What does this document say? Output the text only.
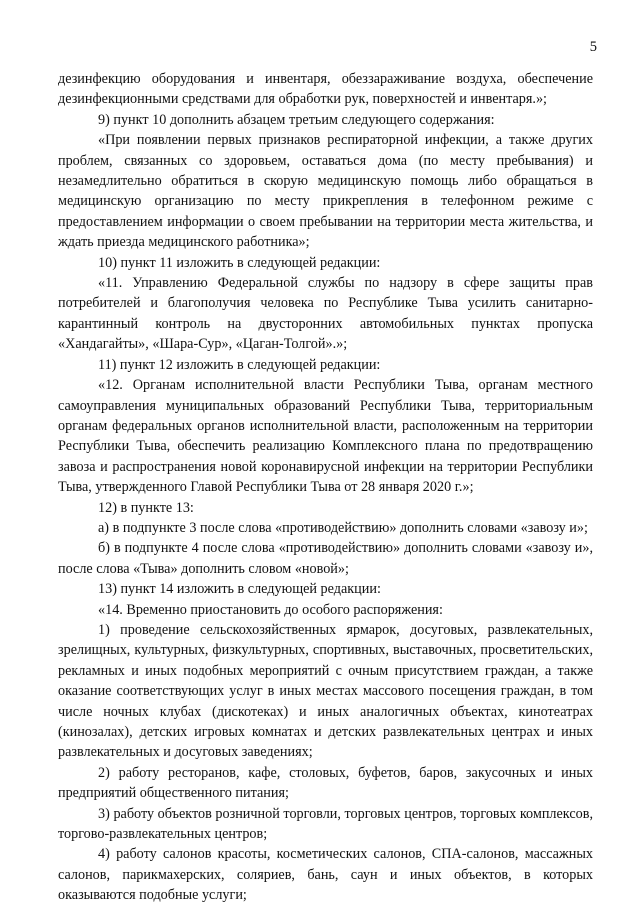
5

дезинфекцию оборудования и инвентаря, обеззараживание воздуха, обеспечение дезинфекционными средствами для обработки рук, поверхностей и инвентаря.»;

9) пункт 10 дополнить абзацем третьим следующего содержания:

«При появлении первых признаков респираторной инфекции, а также других проблем, связанных со здоровьем, оставаться дома (по месту пребывания) и незамедлительно обратиться в скорую медицинскую помощь либо обращаться в медицинскую организацию по месту прикрепления в телефонном режиме с предоставлением информации о своем пребывании на территории места жительства, и ждать приезда медицинского работника»;

10) пункт 11 изложить в следующей редакции:

«11. Управлению Федеральной службы по надзору в сфере защиты прав потребителей и благополучия человека по Республике Тыва усилить санитарно-карантинный контроль на двусторонних автомобильных пунктах пропуска «Хандагайты», «Шара-Сур», «Цаган-Толгой».»;

11) пункт 12 изложить в следующей редакции:

«12. Органам исполнительной власти Республики Тыва, органам местного самоуправления муниципальных образований Республики Тыва, территориальным органам федеральных органов исполнительной власти, расположенным на территории Республики Тыва, обеспечить реализацию Комплексного плана по предотвращению завоза и распространения новой коронавирусной инфекции на территории Республики Тыва, утвержденного Главой Республики Тыва от 28 января 2020 г.»;

12) в пункте 13:

а) в подпункте 3 после слова «противодействию» дополнить словами «завозу и»;

б) в подпункте 4 после слова «противодействию» дополнить словами «завозу и», после слова «Тыва» дополнить словом «новой»;

13) пункт 14 изложить в следующей редакции:

«14. Временно приостановить до особого распоряжения:

1) проведение сельскохозяйственных ярмарок, досуговых, развлекательных, зрелищных, культурных, физкультурных, спортивных, выставочных, просветительских, рекламных и иных подобных мероприятий с очным присутствием граждан, а также оказание соответствующих услуг в иных местах массового посещения граждан, в том числе ночных клубах (дискотеках) и иных аналогичных объектах, кинотеатрах (кинозалах), детских игровых комнатах и детских развлекательных центрах и иных развлекательных и досуговых заведениях;

2) работу ресторанов, кафе, столовых, буфетов, баров, закусочных и иных предприятий общественного питания;

3) работу объектов розничной торговли, торговых центров, торговых комплексов, торгово-развлекательных центров;

4) работу салонов красоты, косметических салонов, СПА-салонов, массажных салонов, парикмахерских, соляриев, бань, саун и иных объектов, в которых оказываются подобные услуги;
